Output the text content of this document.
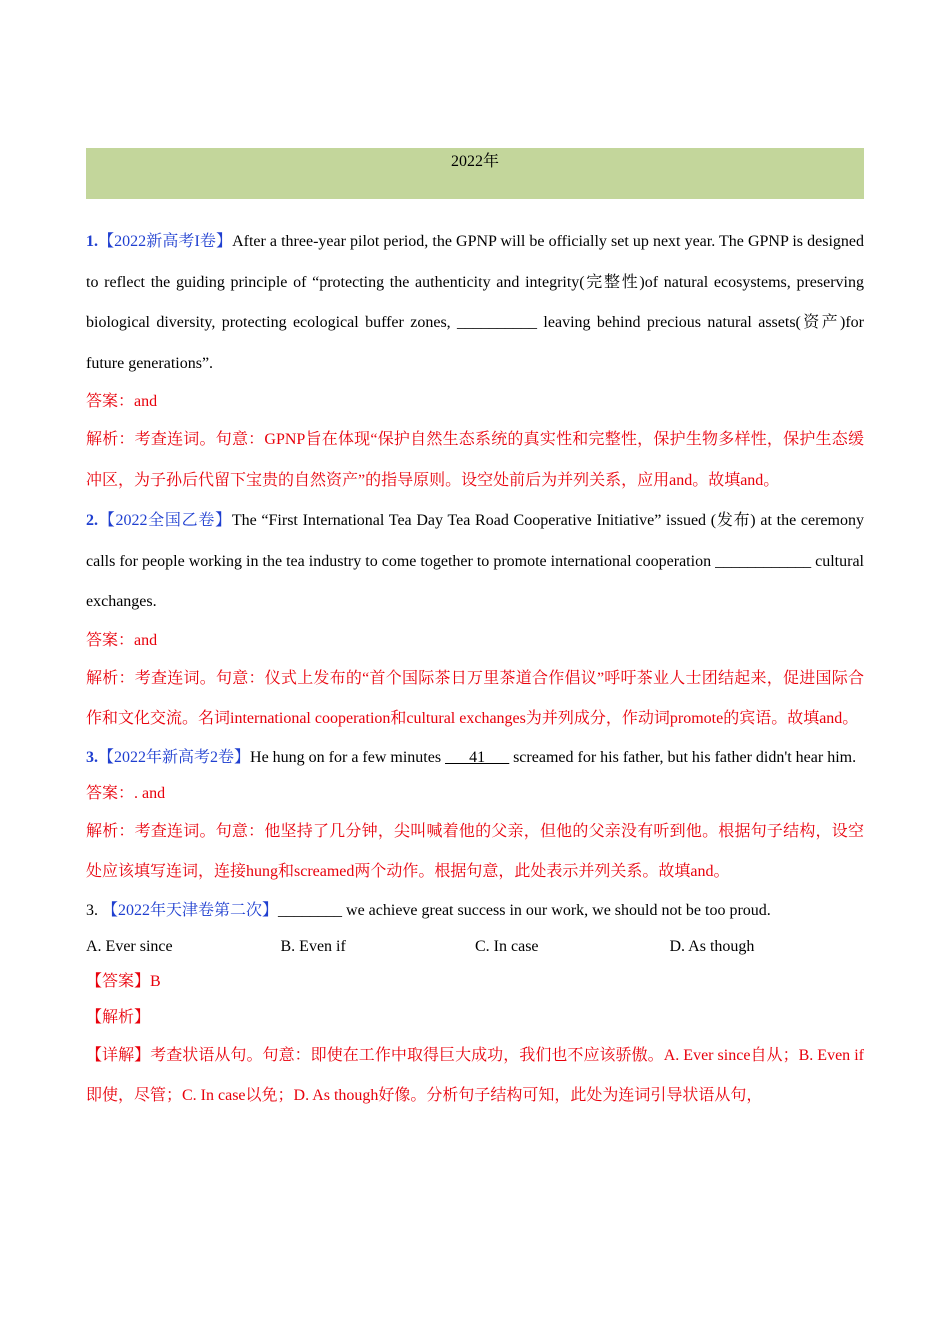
2022年

1.【2022新高考I卷】After a three-year pilot period, the GPNP will be officially set up next year. The GPNP is designed to reflect the guiding principle of “protecting the authenticity and integrity(完整性)of natural ecosystems, preserving biological diversity, protecting ecological buffer zones, __________ leaving behind precious natural assets(资产)for future generations”.

答案：and

解析：考查连词。句意：GPNP旨在体现“保护自然生态系统的真实性和完整性，保护生物多样性，保护生态缓冲区，为子孙后代留下宝贵的自然资产”的指导原则。设空处前后为并列关系，应用and。故填and。

2.【2022全国乙卷】The “First International Tea Day Tea Road Cooperative Initiative” issued (发布) at the ceremony calls for people working in the tea industry to come together to promote international cooperation ____________ cultural exchanges.

答案：and

解析：考查连词。句意：仪式上发布的“首个国际茶日万里茶道合作倡议”呼吁茶业人士团结起来，促进国际合作和文化交流。名词international cooperation和cultural exchanges为并列成分，作动词promote的宾语。故填and。

3.【2022年新高考2卷】He hung on for a few minutes ___41___ screamed for his father, but his father didn't hear him.

答案：. and

解析：考查连词。句意：他坚持了几分钟，尖叫喊着他的父亲，但他的父亲没有听到他。根据句子结构，设空处应该填写连词，连接hung和screamed两个动作。根据句意，此处表示并列关系。故填and。

3. 【2022年天津卷第二次】________ we achieve great success in our work, we should not be too proud.

A. Ever since	B. Even if	C. In case	D. As though

【答案】B

【解析】

【详解】考查状语从句。句意：即使在工作中取得巨大成功，我们也不应该骄傲。A. Ever since自从；B. Even if即使，尽管；C. In case以免；D. As though好像。分析句子结构可知，此处为连词引导状语从句，
